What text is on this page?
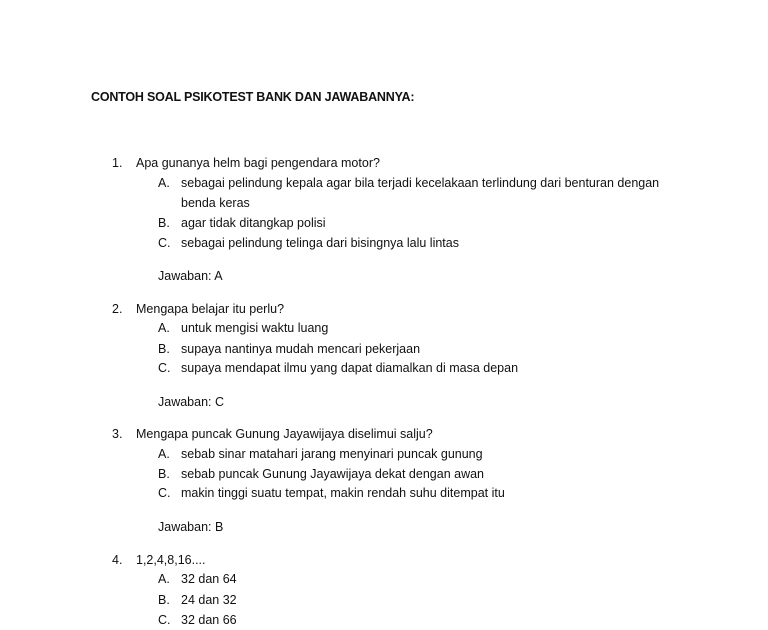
CONTOH SOAL PSIKOTEST BANK DAN JAWABANNYA:
1. Apa gunanya helm bagi pengendara motor?
A. sebagai pelindung kepala agar bila terjadi kecelakaan terlindung dari benturan dengan benda keras
B. agar tidak ditangkap polisi
C. sebagai pelindung telinga dari bisingnya lalu lintas
Jawaban: A
2. Mengapa belajar itu perlu?
A. untuk mengisi waktu luang
B. supaya nantinya mudah mencari pekerjaan
C. supaya mendapat ilmu yang dapat diamalkan di masa depan
Jawaban: C
3. Mengapa puncak Gunung Jayawijaya diselimui salju?
A. sebab sinar matahari jarang menyinari puncak gunung
B. sebab puncak Gunung Jayawijaya dekat dengan awan
C. makin tinggi suatu tempat, makin rendah suhu ditempat itu
Jawaban: B
4. 1,2,4,8,16....
A. 32 dan 64
B. 24 dan 32
C. 32 dan 66
